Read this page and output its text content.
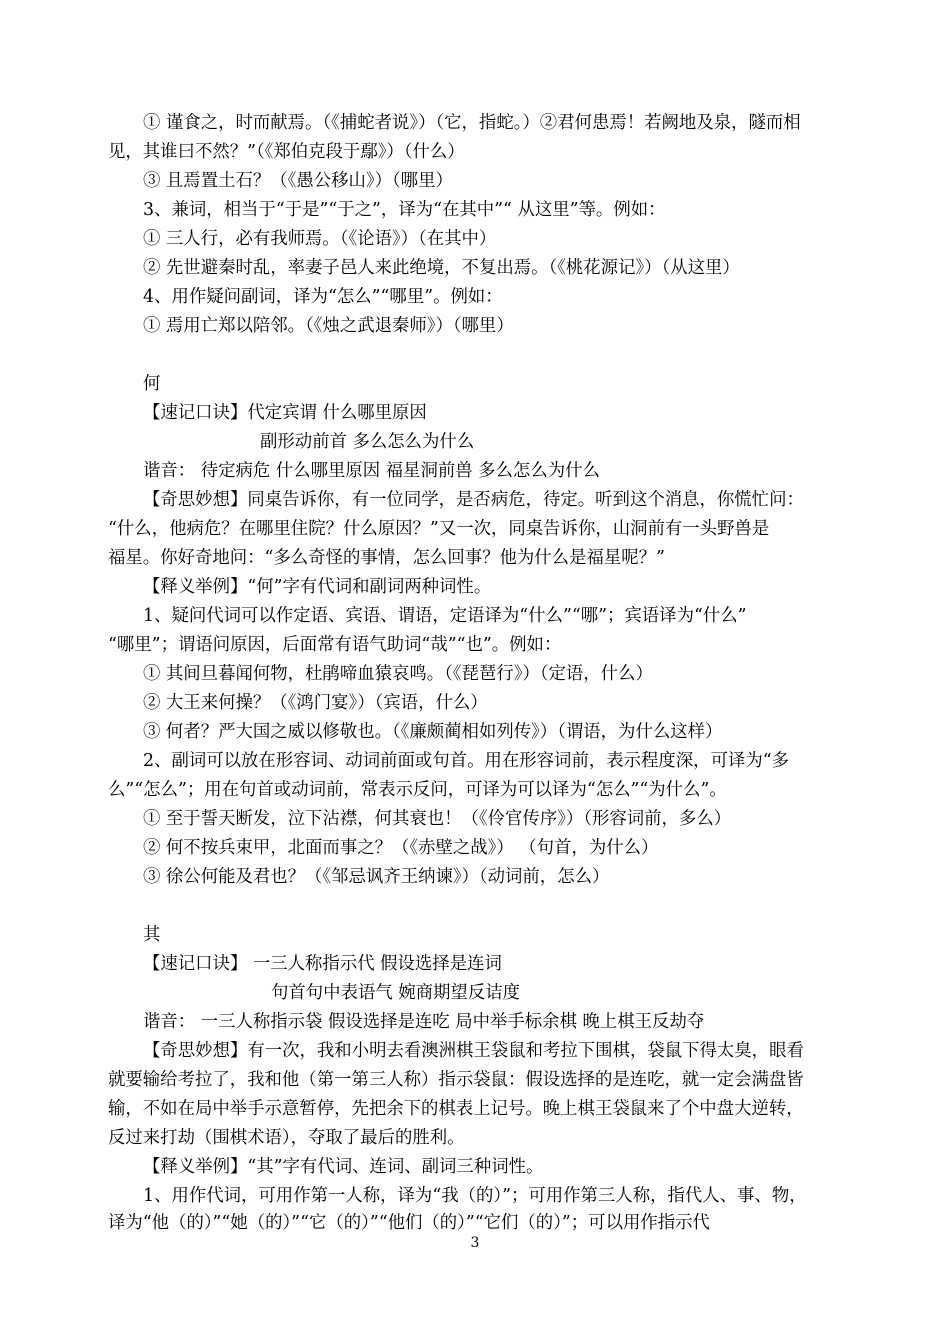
① 谨食之，时而献焉。（《捕蛇者说》）（它，指蛇。）②君何患焉！若阙地及泉，隧而相
见，其谁曰不然？”（《郑伯克段于鄢》）（什么）
③ 且焉置土石？（《愚公移山》）（哪里）
3、兼词，相当于“于是”“于之”，译为“在其中”“ 从这里”等。例如：
① 三人行，必有我师焉。（《论语》）（在其中）
② 先世避秦时乱，率妻子邑人来此绝境，不复出焉。（《桃花源记》）（从这里）
4、用作疑问副词，译为“怎么”“哪里”。例如：
① 焉用亡郑以陪邻。（《烛之武退秦师》）（哪里）
何
【速记口诀】代定宾谓 什么哪里原因
副形动前首 多么怎么为什么
谐音： 待定病危 什么哪里原因 福星洞前兽 多么怎么为什么
【奇思妙想】同桌告诉你，有一位同学，是否病危，待定。听到这个消息，你慌忙问：
“什么，他病危？在哪里住院？什么原因？”又一次，同桌告诉你，山洞前有一头野兽是
福星。你好奇地问：“多么奇怪的事情，怎么回事？他为什么是福星呢？”
【释义举例】“何”字有代词和副词两种词性。
1、疑问代词可以作定语、宾语、谓语，定语译为“什么”“哪”；宾语译为“什么”
“哪里”；谓语问原因，后面常有语气助词“哉”“也”。例如：
① 其间旦暮闻何物，杜鹃啼血猿哀鸣。（《琵琶行》）（定语，什么）
② 大王来何操？（《鸿门宴》）（宾语，什么）
③ 何者？严大国之威以修敬也。（《廉颇蔺相如列传》）（谓语，为什么这样）
2、副词可以放在形容词、动词前面或句首。用在形容词前，表示程度深，可译为“多
么”“怎么”；用在句首或动词前，常表示反问，可译为可以译为“怎么”“为什么”。
① 至于誓天断发，泣下沾襟，何其衰也！（《伶官传序》）（形容词前，多么）
② 何不按兵束甲，北面而事之？（《赤壁之战》） （句首，为什么）
③ 徐公何能及君也？（《邹忌讽齐王纳谏》）（动词前，怎么）
其
【速记口诀】 一三人称指示代 假设选择是连词
句首句中表语气 婉商期望反诘度
谐音： 一三人称指示袋 假设选择是连吃 局中举手标余棋 晚上棋王反劫夺
【奇思妙想】有一次，我和小明去看澳洲棋王袋鼠和考拉下围棋，袋鼠下得太臭，眼看
就要输给考拉了，我和他（第一第三人称）指示袋鼠：假设选择的是连吃，就一定会满盘皆
输，不如在局中举手示意暂停，先把余下的棋表上记号。晚上棋王袋鼠来了个中盘大逆转，
反过来打劫（围棋术语），夺取了最后的胜利。
【释义举例】“其”字有代词、连词、副词三种词性。
1、用作代词，可用作第一人称，译为“我（的）”；可用作第三人称，指代人、事、物，
译为“他（的）”“她（的）”“它（的）”“他们（的）”“它们（的）”；可以用作指示代
3
